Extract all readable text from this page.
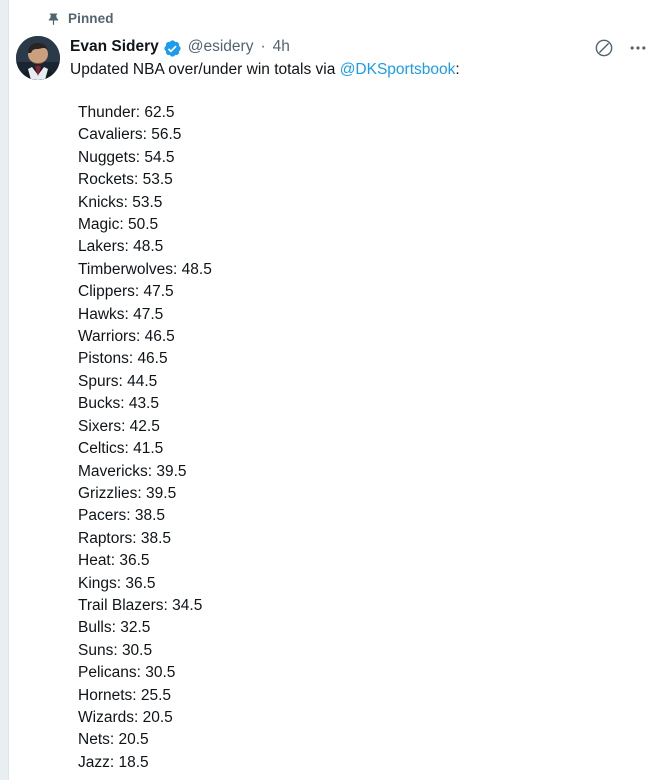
Pinned
Evan Sidery @esidery · 4h
Updated NBA over/under win totals via @DKSportsbook:
Thunder: 62.5
Cavaliers: 56.5
Nuggets: 54.5
Rockets: 53.5
Knicks: 53.5
Magic: 50.5
Lakers: 48.5
Timberwolves: 48.5
Clippers: 47.5
Hawks: 47.5
Warriors: 46.5
Pistons: 46.5
Spurs: 44.5
Bucks: 43.5
Sixers: 42.5
Celtics: 41.5
Mavericks: 39.5
Grizzlies: 39.5
Pacers: 38.5
Raptors: 38.5
Heat: 36.5
Kings: 36.5
Trail Blazers: 34.5
Bulls: 32.5
Suns: 30.5
Pelicans: 30.5
Hornets: 25.5
Wizards: 20.5
Nets: 20.5
Jazz: 18.5
